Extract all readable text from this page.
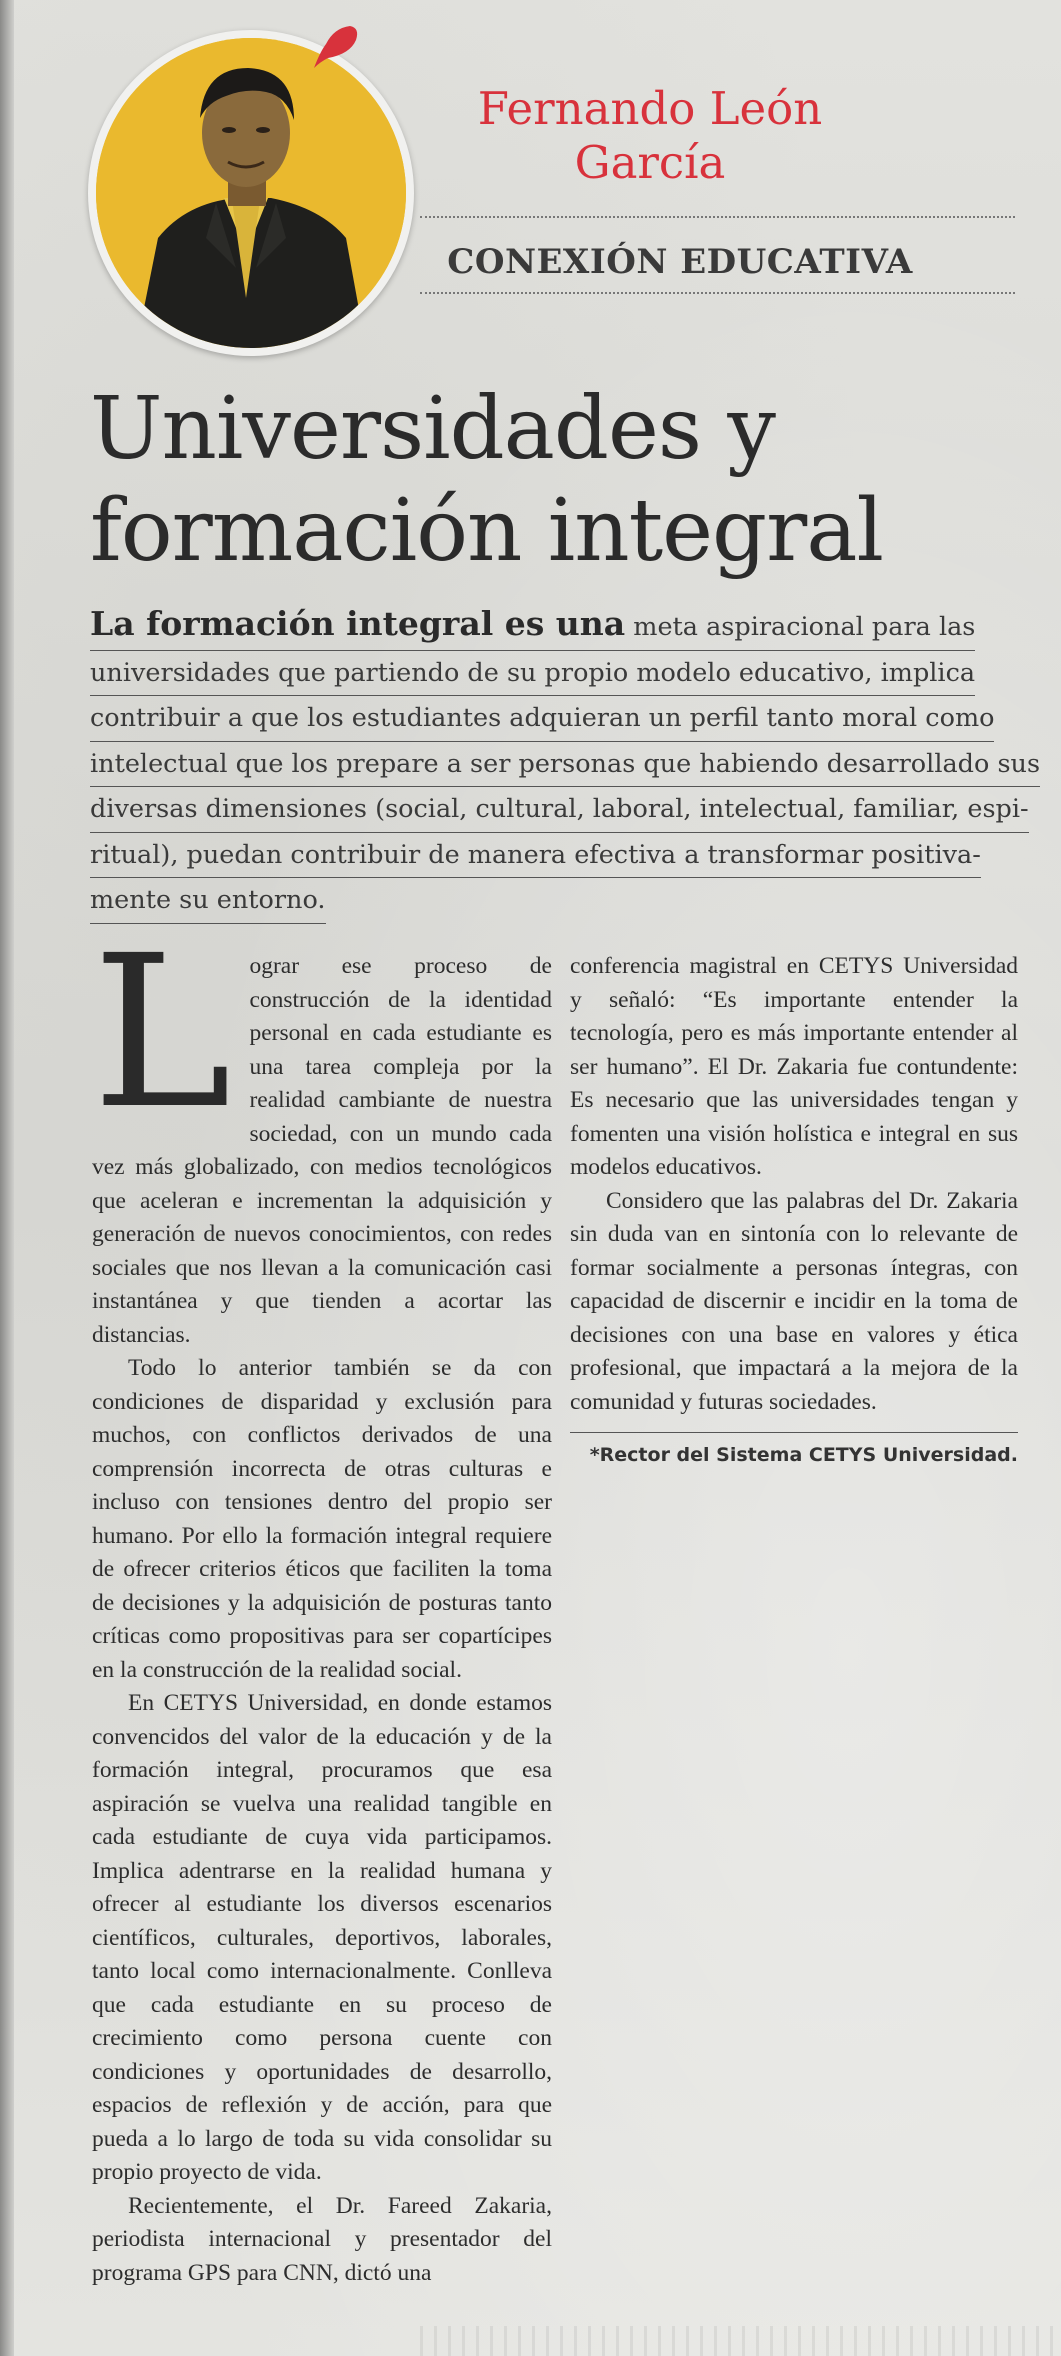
Fernando León
García
CONEXIÓN EDUCATIVA
Universidades y
formación integral
La formación integral es una meta aspiracional para las universidades que partiendo de su propio modelo educativo, implica contribuir a que los estudiantes adquieran un perfil tanto moral como intelectual que los prepare a ser personas que habiendo desarrollado sus diversas dimensiones (social, cultural, laboral, intelectual, familiar, espi- ritual), puedan contribuir de manera efectiva a transformar positiva- mente su entorno.

Lograr ese proceso de construcción de la identidad personal en cada estudiante es una tarea compleja por la realidad cambiante de nuestra sociedad, con un mundo cada vez más globalizado, con medios tecnológicos que aceleran e incrementan la adquisición y generación de nuevos conocimientos, con redes sociales que nos llevan a la comunicación casi instantánea y que tienden a acortar las distancias.

Todo lo anterior también se da con condiciones de disparidad y exclusión para muchos, con conflictos derivados de una comprensión incorrecta de otras culturas e incluso con tensiones dentro del propio ser humano. Por ello la formación integral requiere de ofrecer criterios éticos que faciliten la toma de decisiones y la adquisición de posturas tanto críticas como propositivas para ser copartícipes en la construcción de la realidad social.

En CETYS Universidad, en donde estamos convencidos del valor de la educación y de la formación integral, procuramos que esa aspiración se vuelva una realidad tangible en cada estudiante de cuya vida participamos. Implica adentrarse en la realidad humana y ofrecer al estudiante los diversos escenarios científicos, culturales, deportivos, laborales, tanto local como internacionalmente. Conlleva que cada estudiante en su proceso de crecimiento como persona cuente con condiciones y oportunidades de desarrollo, espacios de reflexión y de acción, para que pueda a lo largo de toda su vida consolidar su propio proyecto de vida.

Recientemente, el Dr. Fareed Zakaria, periodista internacional y presentador del programa GPS para CNN, dictó una

conferencia magistral en CETYS Universidad y señaló: “Es importante entender la tecnología, pero es más importante entender al ser humano”. El Dr. Zakaria fue contundente: Es necesario que las universidades tengan y fomenten una visión holística e integral en sus modelos educativos.

Considero que las palabras del Dr. Zakaria sin duda van en sintonía con lo relevante de formar socialmente a personas íntegras, con capacidad de discernir e incidir en la toma de decisiones con una base en valores y ética profesional, que impactará a la mejora de la comunidad y futuras sociedades.

*Rector del Sistema CETYS Universidad.
